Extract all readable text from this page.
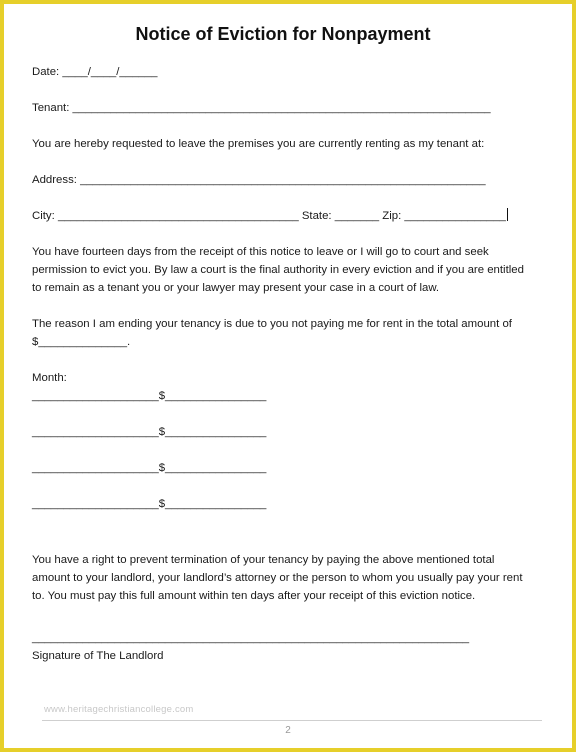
Notice of Eviction for Nonpayment

Date: ____/____/______

Tenant: __________________________________________________________________

You are hereby requested to leave the premises you are currently renting as my tenant at:

Address: ________________________________________________________________

City: ______________________________________ State: _______ Zip: ________________

You have fourteen days from the receipt of this notice to leave or I will go to court and seek permission to evict you. By law a court is the final authority in every eviction and if you are entitled to remain as a tenant you or your lawyer may present your case in a court of law.

The reason I am ending your tenancy is due to you not paying me for rent in the total amount of $______________.

Month:

____________________$________________

____________________$________________

____________________$________________

____________________$________________

You have a right to prevent termination of your tenancy by paying the above mentioned total amount to your landlord, your landlord’s attorney or the person to whom you usually pay your rent to. You must pay this full amount within ten days after your receipt of this eviction notice.

_____________________________________________________________________

Signature of The Landlord

www.heritagechristiancollege.com
2
